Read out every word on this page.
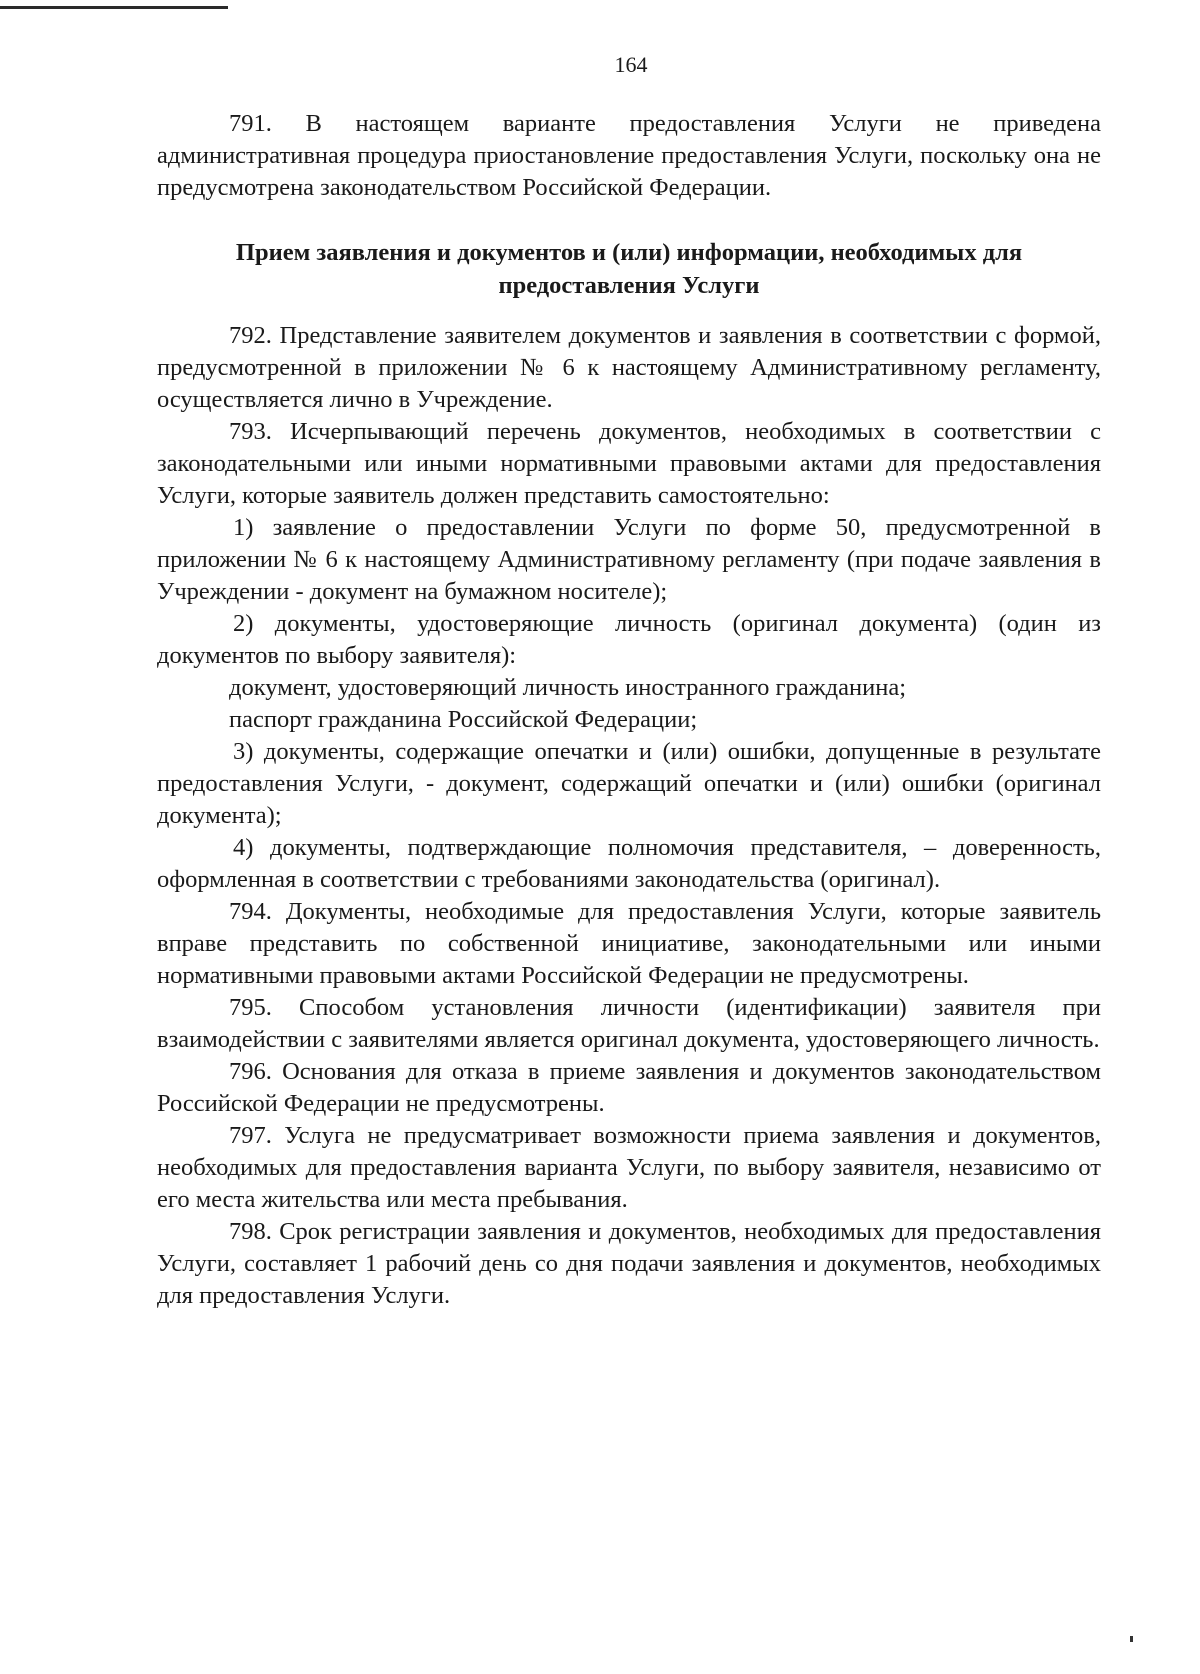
164

791. В настоящем варианте предоставления Услуги не приведена административная процедура приостановление предоставления Услуги, поскольку она не предусмотрена законодательством Российской Федерации.

Прием заявления и документов и (или) информации, необходимых для предоставления Услуги

792. Представление заявителем документов и заявления в соответствии с формой, предусмотренной в приложении № 6 к настоящему Административному регламенту, осуществляется лично в Учреждение.

793. Исчерпывающий перечень документов, необходимых в соответствии с законодательными или иными нормативными правовыми актами для предоставления Услуги, которые заявитель должен представить самостоятельно:

1) заявление о предоставлении Услуги по форме 50, предусмотренной в приложении № 6 к настоящему Административному регламенту (при подаче заявления в Учреждении - документ на бумажном носителе);

2) документы, удостоверяющие личность (оригинал документа) (один из документов по выбору заявителя):

документ, удостоверяющий личность иностранного гражданина;

паспорт гражданина Российской Федерации;

3) документы, содержащие опечатки и (или) ошибки, допущенные в результате предоставления Услуги, - документ, содержащий опечатки и (или) ошибки (оригинал документа);

4) документы, подтверждающие полномочия представителя, – доверенность, оформленная в соответствии с требованиями законодательства (оригинал).

794. Документы, необходимые для предоставления Услуги, которые заявитель вправе представить по собственной инициативе, законодательными или иными нормативными правовыми актами Российской Федерации не предусмотрены.

795. Способом установления личности (идентификации) заявителя при взаимодействии с заявителями является оригинал документа, удостоверяющего личность.

796. Основания для отказа в приеме заявления и документов законодательством Российской Федерации не предусмотрены.

797. Услуга не предусматривает возможности приема заявления и документов, необходимых для предоставления варианта Услуги, по выбору заявителя, независимо от его места жительства или места пребывания.

798. Срок регистрации заявления и документов, необходимых для предоставления Услуги, составляет 1 рабочий день со дня подачи заявления и документов, необходимых для предоставления Услуги.
